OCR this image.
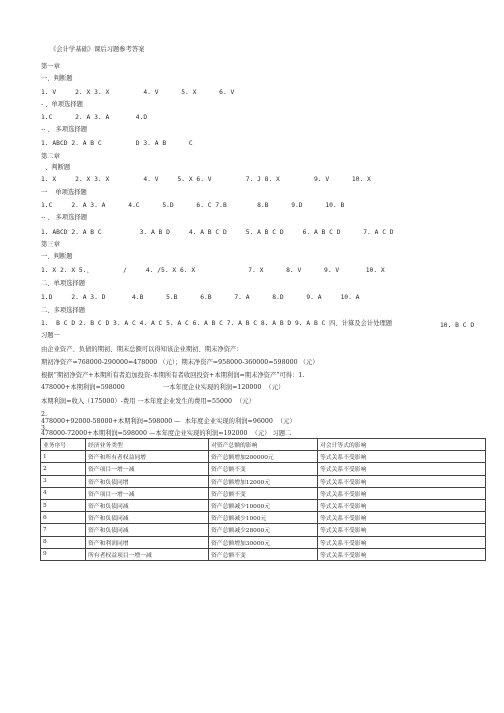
《会计学基础》课后习题参考答案
第一章
一、判断题
1. V     2. X 3. X         4. V      5. X      6. V
- 、单项选择题
1.C      2. A 3. A       4.D
-- 、 多项选择题
1. ABCD 2. A B C         D 3. A B      C
第二章
、判断题
1. X     2. X 3. X         4. V     5. X 6. V         7. J 8. X         9. V      10. X
一    单项选择题
1.C     2. A 3. A      4.C      5.D      6. C 7.B        8.B      9.D      10. B
-- 、 多项选择题
1. ABCD 2. A B C          3. A B D     4. A B C D     5. A B C D     6. A B C D      7. A C D
第三章
一、判断题
1. X 2. X 5.、        /     4. /5. X 6. X              7. X      8. V      9. V       10. X
二、单项选择题
1.D     2. A 3. D       4.B      5.B      6.B      7. A      8.D      9. A     10. A
二、多项选择题
1.  B C D 2. B C D 3. A C 4. A C 5. A C 6. A B C 7. A B C 8. A B D 9. A B C 四、计算及会计处理题	10. B C D
习题一
由企业资产、负债的期初、期末总额可以得知该企业期初、期末净资产：
期初净资产=768000-290000=478000 （元）；期末净资产=958000-360000=598000 （元）
根据“期初净资产+本期所有者追加投资-本期所有者收回投资+本期利润=期末净资产”可得：1.
478000+本期利润=598000                   一本年度企业实现的利润=120000  （元）
本期利润=收入（175000）-费用 一本年度企业发生的费用=55000  （元）
2.
478000+92000-58000+本期利润=598000 —  本年度企业实现的利润=96000  （元）
3.
478000-72000+本期利润=598000 —本年度企业实现的利润=192000  （元） 习题二
业务序号	经济业务类型	对资产总额的影响	对会计等式的影响
1	资产和所有者权益同增	资产总额增加200000元	等式关系不受影响
2	资产项目一增一减	资产总额不变	等式关系不受影响
3	资产和负债同增	资产总额增加12000元	等式关系不受影响
4	资产项目一增一减	资产总额不变	等式关系不受影响
5	资产和负债同减	资产总额减少10000元	等式关系不受影响
6	资产和负债同减	资产总额减少1000元	等式关系不受影响
7	资产和负债同减	资产总额减少28000元	等式关系不受影响
8	资产和利润同增	资产总额增加30000元	等式关系不受影响
9	所有者权益项目一增一减	资产总额不变	等式关系不受影响
